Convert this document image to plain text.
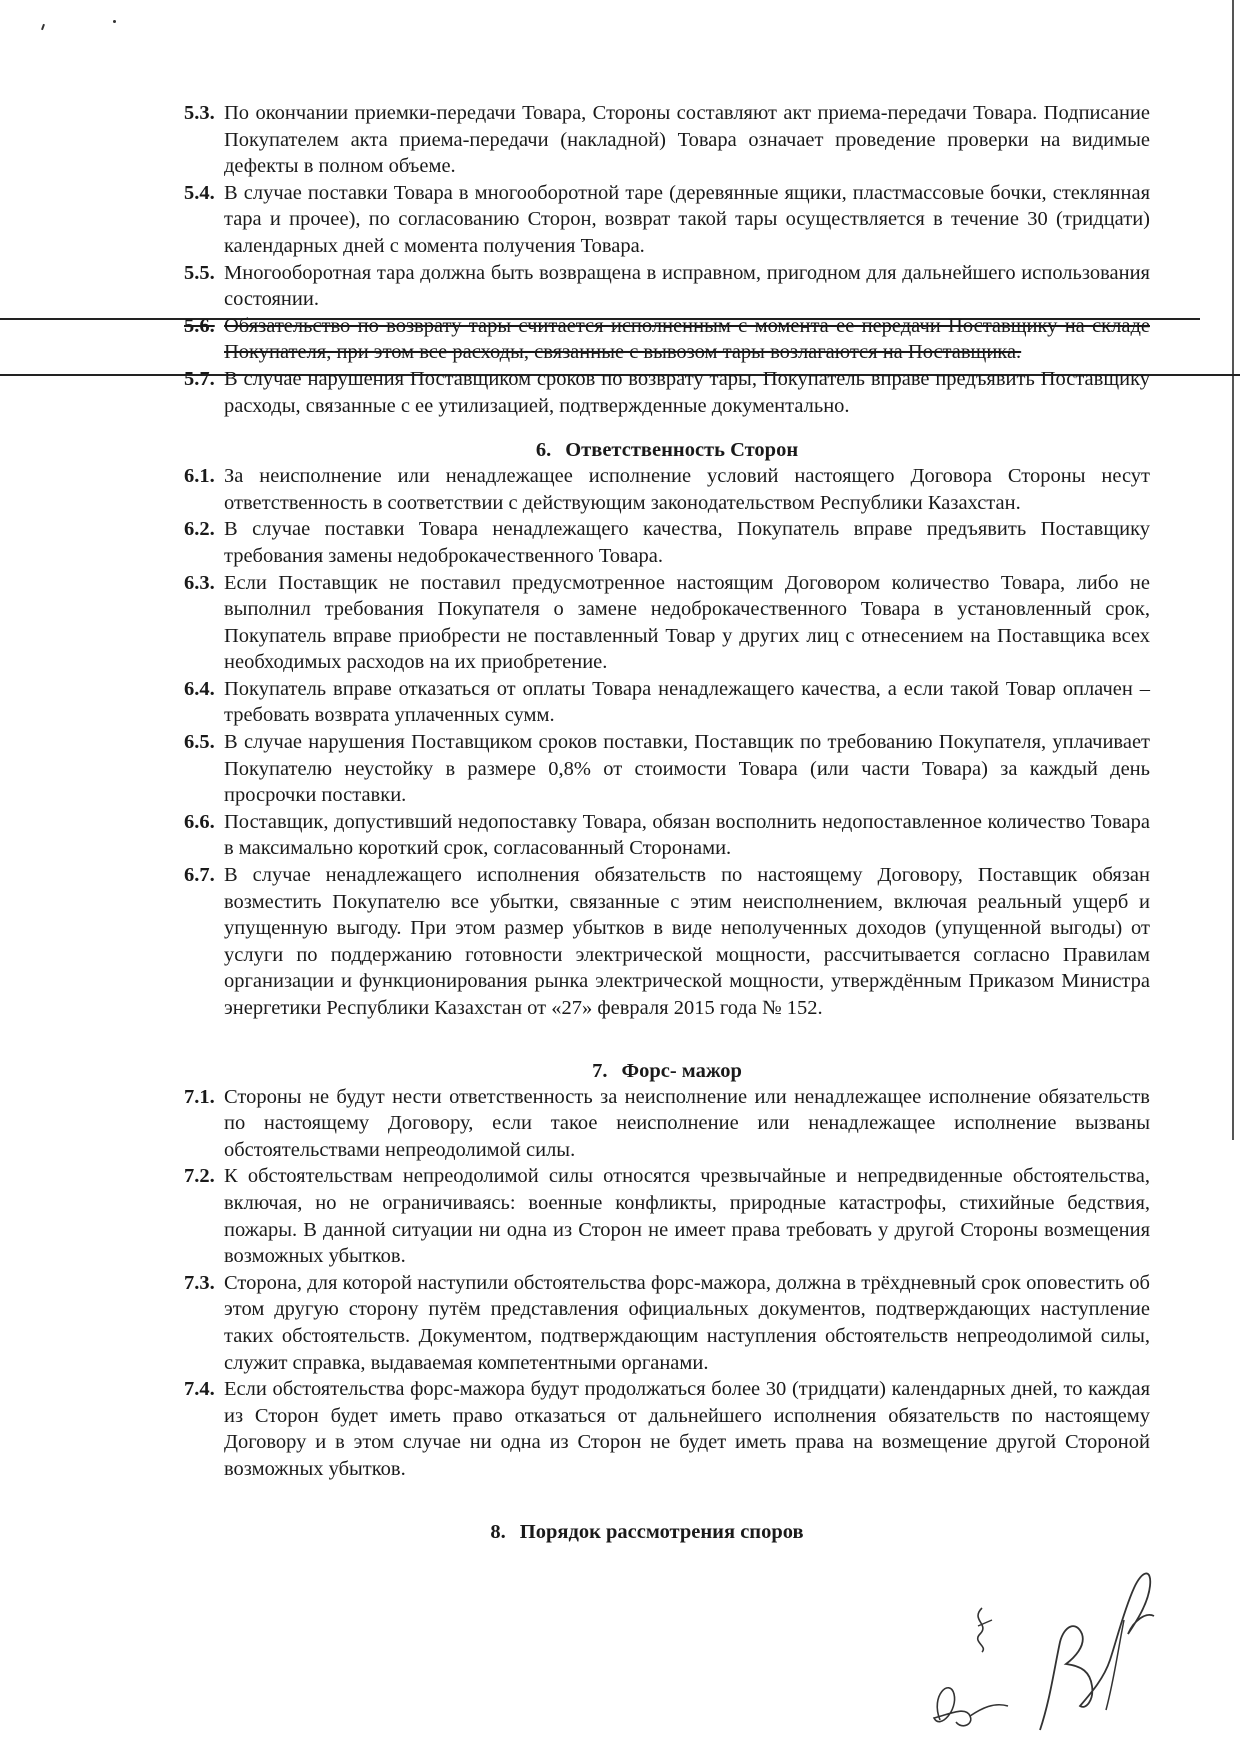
5.3. По окончании приемки-передачи Товара, Стороны составляют акт приема-передачи Товара. Подписание Покупателем акта приема-передачи (накладной) Товара означает проведение проверки на видимые дефекты в полном объеме.
5.4. В случае поставки Товара в многооборотной таре (деревянные ящики, пластмассовые бочки, стеклянная тара и прочее), по согласованию Сторон, возврат такой тары осуществляется в течение 30 (тридцати) календарных дней с момента получения Товара.
5.5. Многооборотная тара должна быть возвращена в исправном, пригодном для дальнейшего использования состоянии.
5.6. Обязательство по возврату тары считается исполненным с момента ее передачи Поставщику на складе Покупателя, при этом все расходы, связанные с вывозом тары возлагаются на Поставщика.
5.7. В случае нарушения Поставщиком сроков по возврату тары, Покупатель вправе предъявить Поставщику расходы, связанные с ее утилизацией, подтвержденные документально.
6. Ответственность Сторон
6.1. За неисполнение или ненадлежащее исполнение условий настоящего Договора Стороны несут ответственность в соответствии с действующим законодательством Республики Казахстан.
6.2. В случае поставки Товара ненадлежащего качества, Покупатель вправе предъявить Поставщику требования замены недоброкачественного Товара.
6.3. Если Поставщик не поставил предусмотренное настоящим Договором количество Товара, либо не выполнил требования Покупателя о замене недоброкачественного Товара в установленный срок, Покупатель вправе приобрести не поставленный Товар у других лиц с отнесением на Поставщика всех необходимых расходов на их приобретение.
6.4. Покупатель вправе отказаться от оплаты Товара ненадлежащего качества, а если такой Товар оплачен – требовать возврата уплаченных сумм.
6.5. В случае нарушения Поставщиком сроков поставки, Поставщик по требованию Покупателя, уплачивает Покупателю неустойку в размере 0,8% от стоимости Товара (или части Товара) за каждый день просрочки поставки.
6.6. Поставщик, допустивший недопоставку Товара, обязан восполнить недопоставленное количество Товара в максимально короткий срок, согласованный Сторонами.
6.7. В случае ненадлежащего исполнения обязательств по настоящему Договору, Поставщик обязан возместить Покупателю все убытки, связанные с этим неисполнением, включая реальный ущерб и упущенную выгоду. При этом размер убытков в виде неполученных доходов (упущенной выгоды) от услуги по поддержанию готовности электрической мощности, рассчитывается согласно Правилам организации и функционирования рынка электрической мощности, утверждённым Приказом Министра энергетики Республики Казахстан от «27» февраля 2015 года № 152.
7. Форс- мажор
7.1. Стороны не будут нести ответственность за неисполнение или ненадлежащее исполнение обязательств по настоящему Договору, если такое неисполнение или ненадлежащее исполнение вызваны обстоятельствами непреодолимой силы.
7.2. К обстоятельствам непреодолимой силы относятся чрезвычайные и непредвиденные обстоятельства, включая, но не ограничиваясь: военные конфликты, природные катастрофы, стихийные бедствия, пожары. В данной ситуации ни одна из Сторон не имеет права требовать у другой Стороны возмещения возможных убытков.
7.3. Сторона, для которой наступили обстоятельства форс-мажора, должна в трёхдневный срок оповестить об этом другую сторону путём представления официальных документов, подтверждающих наступление таких обстоятельств. Документом, подтверждающим наступления обстоятельств непреодолимой силы, служит справка, выдаваемая компетентными органами.
7.4. Если обстоятельства форс-мажора будут продолжаться более 30 (тридцати) календарных дней, то каждая из Сторон будет иметь право отказаться от дальнейшего исполнения обязательств по настоящему Договору и в этом случае ни одна из Сторон не будет иметь права на возмещение другой Стороной возможных убытков.
8. Порядок рассмотрения споров
